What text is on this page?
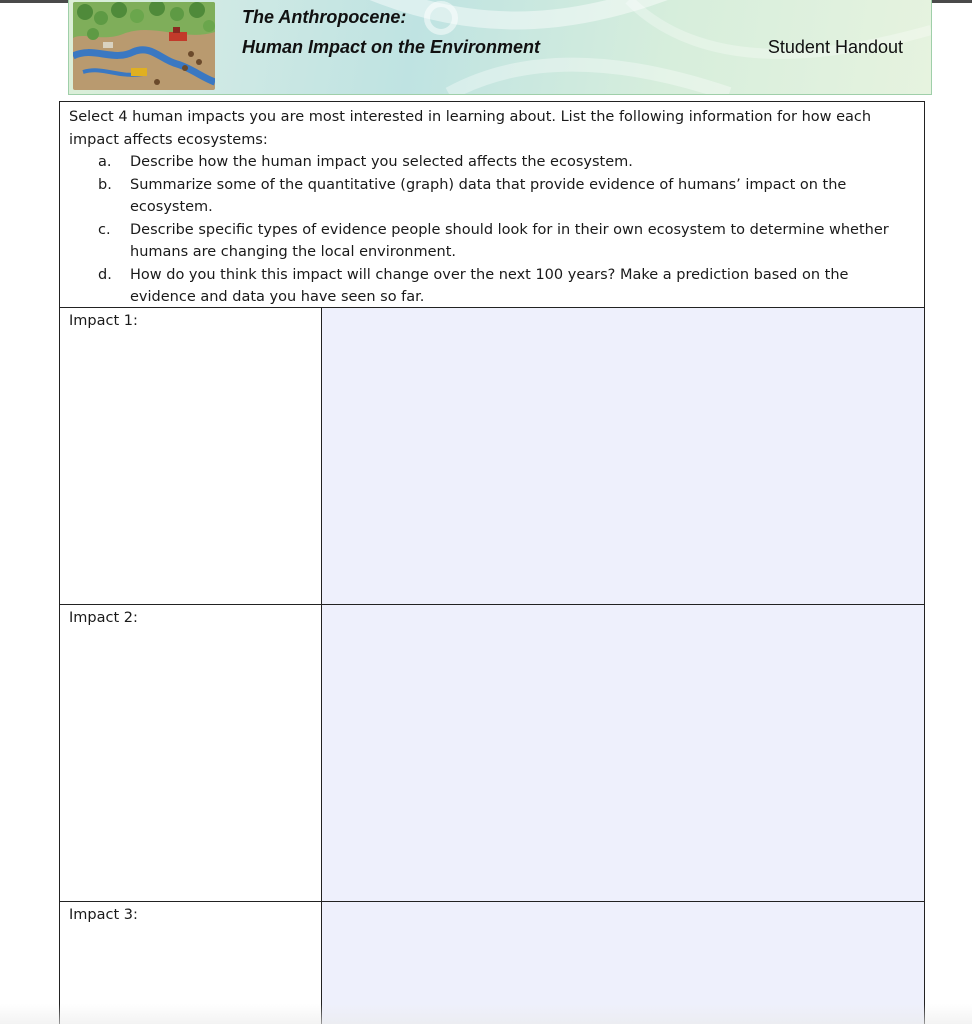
The Anthropocene:
Human Impact on the Environment	Student Handout

Select 4 human impacts you are most interested in learning about. List the following information for how each impact affects ecosystems:

a. Describe how the human impact you selected affects the ecosystem.
b. Summarize some of the quantitative (graph) data that provide evidence of humans’ impact on the ecosystem.
c. Describe specific types of evidence people should look for in their own ecosystem to determine whether humans are changing the local environment.
d. How do you think this impact will change over the next 100 years? Make a prediction based on the evidence and data you have seen so far.
Impact 1:	

Impact 2:	

Impact 3:	
